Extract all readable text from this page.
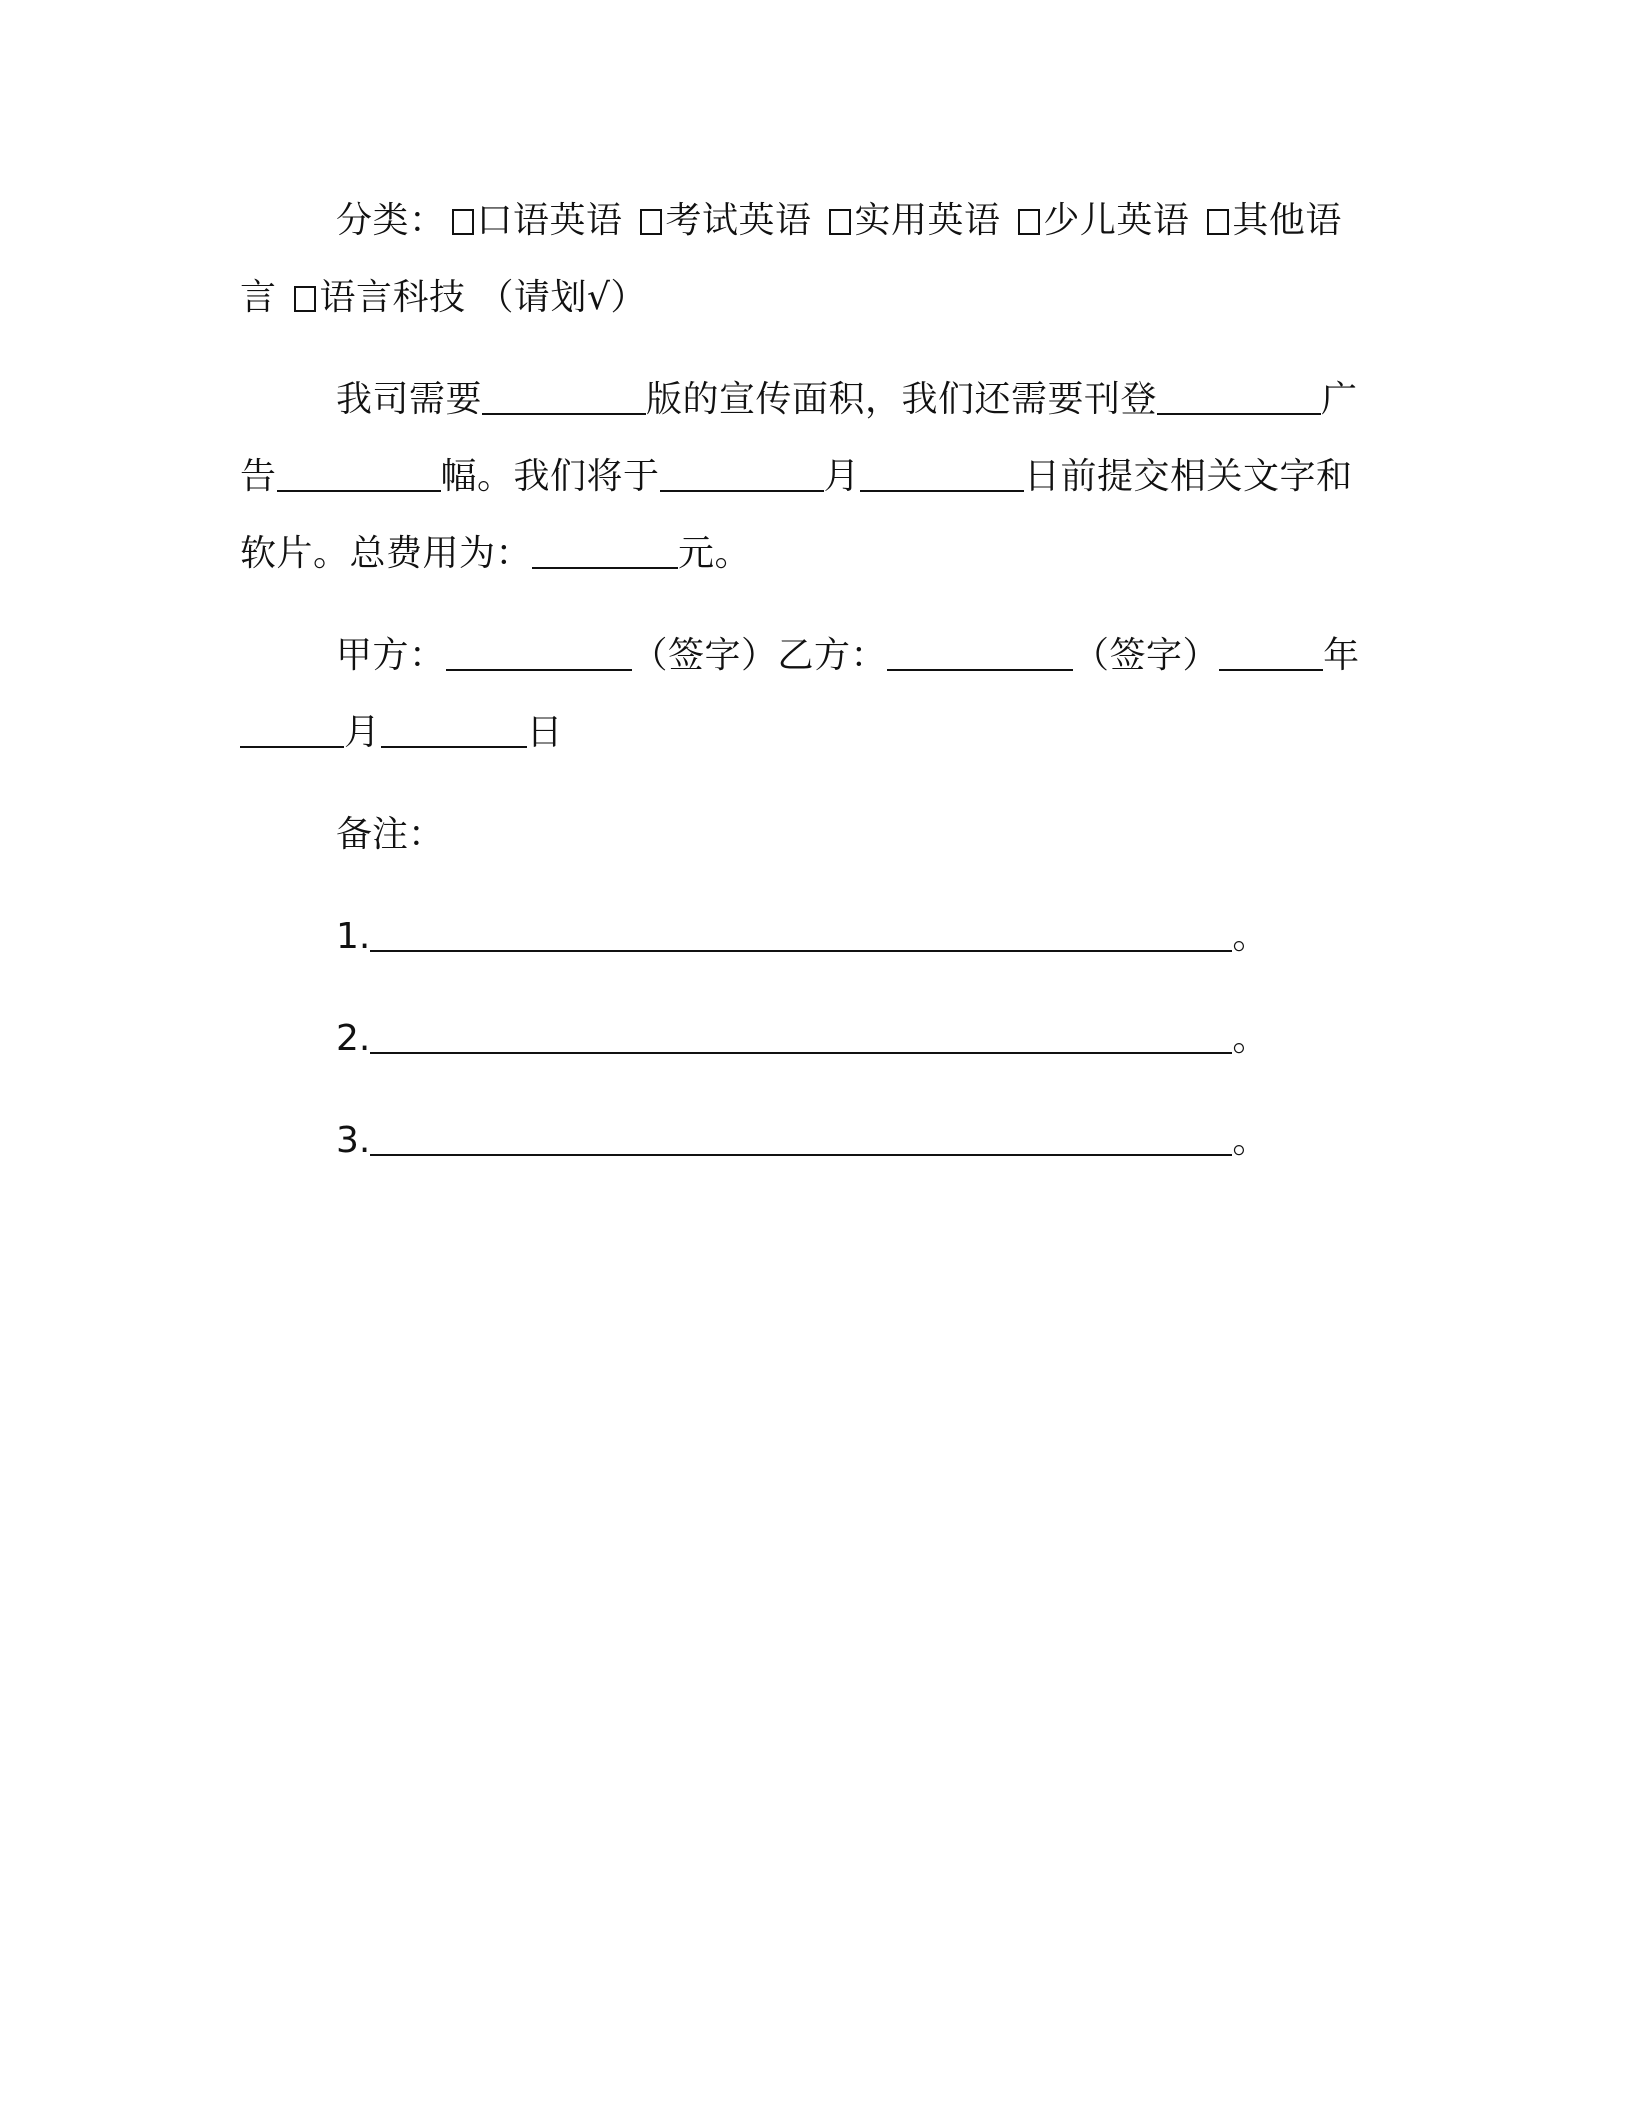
分类： 口语英语 考试英语 实用英语 少儿英语 其他语言 语言科技 （请划√）

我司需要	版的宣传面积，我们还需要刊登	广告	幅。我们将于	月	日前提交相关文字和软片。总费用为：	元。

甲方：	（签字）乙方：	（签字）	年月	日

备注：
1.	。
2.	。
3.	。
